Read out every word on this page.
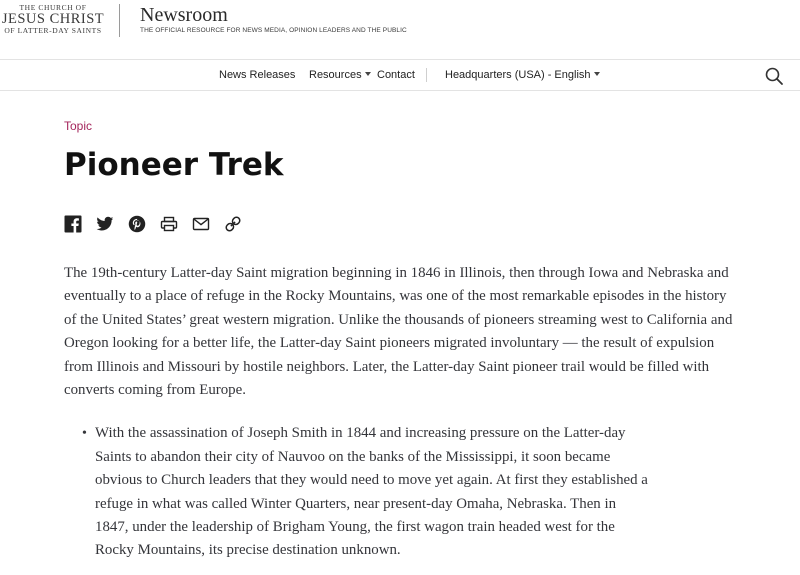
THE CHURCH OF
JESUS CHRIST
OF LATTER-DAY SAINTS
Newsroom
THE OFFICIAL RESOURCE FOR NEWS MEDIA, OPINION LEADERS AND THE PUBLIC
News Releases Resources	Contact	Headquarters (USA) - English
Topic
Pioneer Trek

The 19th-century Latter-day Saint migration beginning in 1846 in Illinois, then through Iowa and Nebraska and eventually to a place of refuge in the Rocky Mountains, was one of the most remarkable episodes in the history of the United States’ great western migration. Unlike the thousands of pioneers streaming west to California and Oregon looking for a better life, the Latter-day Saint pioneers migrated involuntary — the result of expulsion from Illinois and Missouri by hostile neighbors. Later, the Latter-day Saint pioneer trail would be filled with converts coming from Europe.

• With the assassination of Joseph Smith in 1844 and increasing pressure on the Latter-day Saints to abandon their city of Nauvoo on the banks of the Mississippi, it soon became obvious to Church leaders that they would need to move yet again. At first they established a refuge in what was called Winter Quarters, near present-day Omaha, Nebraska. Then in 1847, under the leadership of Brigham Young, the first wagon train headed west for the Rocky Mountains, its precise destination unknown.
